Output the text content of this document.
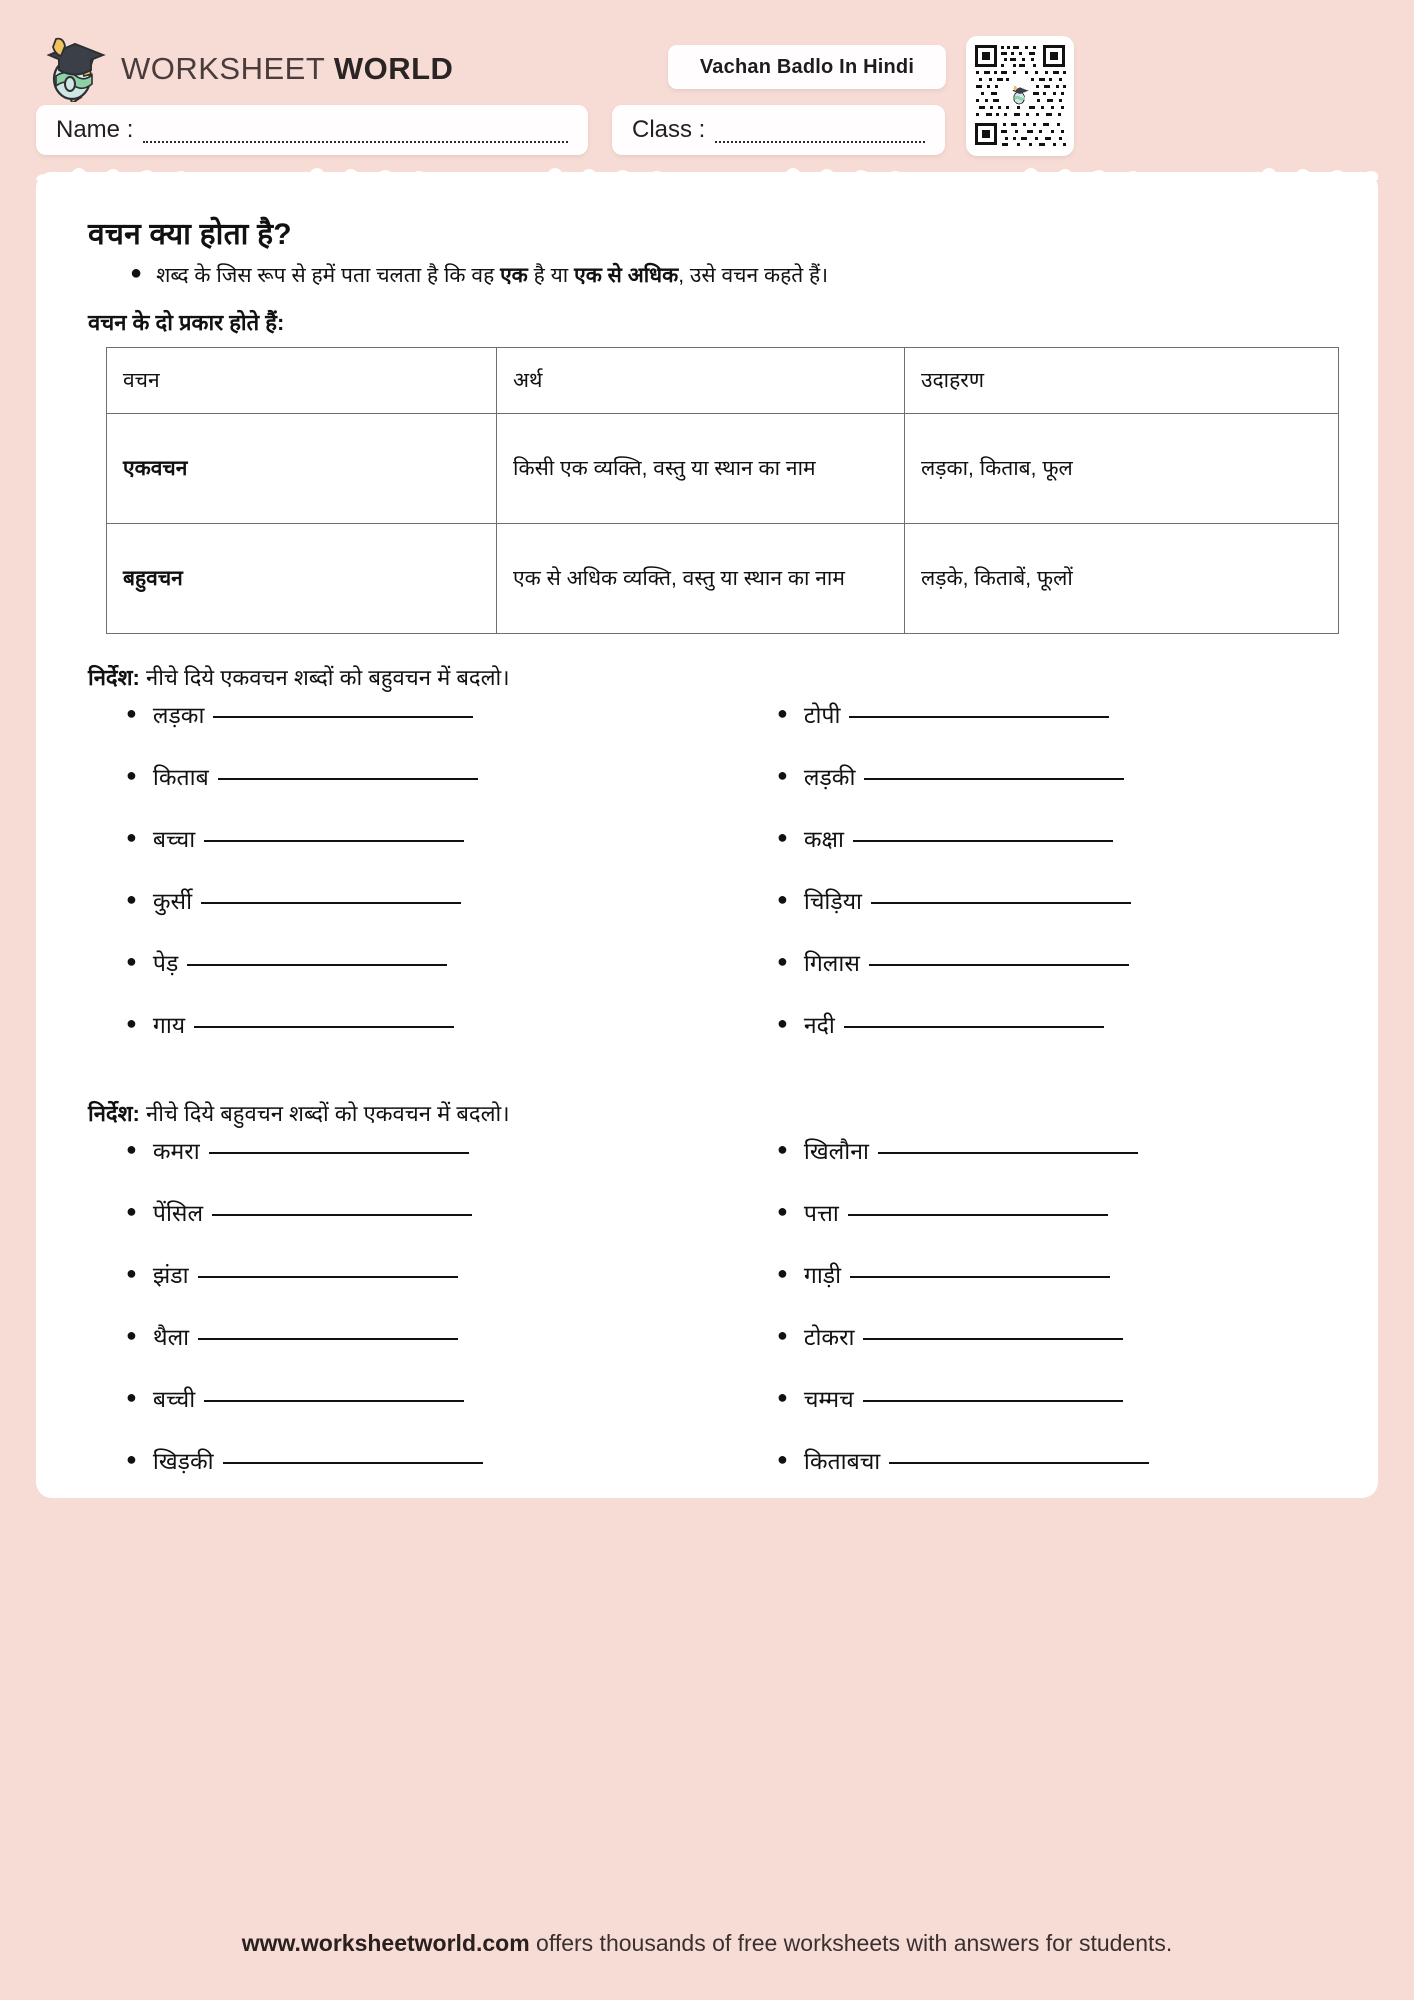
WORKSHEET WORLD	Vachan Badlo In Hindi
Name :	Class :
वचन क्या होता है?
● शब्द के जिस रूप से हमें पता चलता है कि वह एक है या एक से अधिक, उसे वचन कहते हैं।
वचन के दो प्रकार होते हैं:
वचन	अर्थ	उदाहरण
एकवचन	किसी एक व्यक्ति, वस्तु या स्थान का नाम	लड़का, किताब, फूल
बहुवचन	एक से अधिक व्यक्ति, वस्तु या स्थान का नाम	लड़के, किताबें, फूलों
निर्देश: नीचे दिये एकवचन शब्दों को बहुवचन में बदलो।
● लड़का
● किताब
● बच्चा
● कुर्सी
● पेड़
● गाय
● टोपी
● लड़की
● कक्षा
● चिड़िया
● गिलास
● नदी
निर्देश: नीचे दिये बहुवचन शब्दों को एकवचन में बदलो।
● कमरा
● पेंसिल
● झंडा
● थैला
● बच्ची
● खिड़की
● खिलौना
● पत्ता
● गाड़ी
● टोकरा
● चम्मच
● किताबचा
www.worksheetworld.com offers thousands of free worksheets with answers for students.
